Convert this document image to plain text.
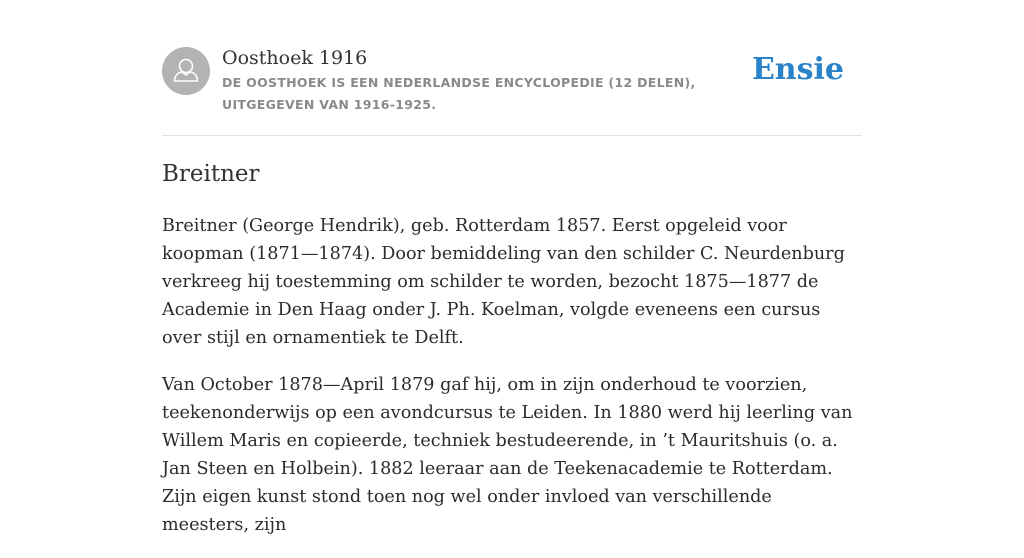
Oosthoek 1916
DE OOSTHOEK IS EEN NEDERLANDSE ENCYCLOPEDIE (12 DELEN), UITGEGEVEN VAN 1916-1925.
Ensie
Breitner

Breitner (George Hendrik), geb. Rotterdam 1857. Eerst opgeleid voor koopman (1871—1874). Door bemiddeling van den schilder C. Neurdenburg verkreeg hij toestemming om schilder te worden, bezocht 1875—1877 de Academie in Den Haag onder J. Ph. Koelman, volgde eveneens een cursus over stijl en ornamentiek te Delft.

Van October 1878—April 1879 gaf hij, om in zijn onderhoud te voorzien, teekenonderwijs op een avondcursus te Leiden. In 1880 werd hij leerling van Willem Maris en copieerde, techniek bestudeerende, in ’t Mauritshuis (o. a. Jan Steen en Holbein). 1882 leeraar aan de Teekenacademie te Rotterdam. Zijn eigen kunst stond toen nog wel onder invloed van verschillende meesters, zijn
